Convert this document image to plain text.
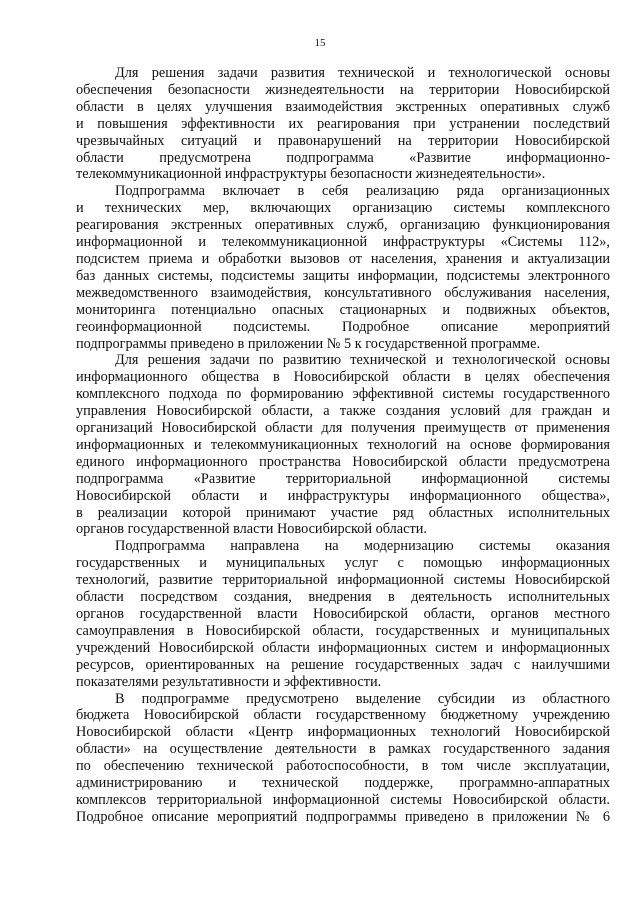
15
Для решения задачи развития технической и технологической основы
обеспечения безопасности жизнедеятельности на территории Новосибирской
области в целях улучшения взаимодействия экстренных оперативных служб
и повышения эффективности их реагирования при устранении последствий
чрезвычайных ситуаций и правонарушений на территории Новосибирской
области предусмотрена подпрограмма «Развитие информационно-
телекоммуникационной инфраструктуры безопасности жизнедеятельности».
Подпрограмма включает в себя реализацию ряда организационных
и технических мер, включающих организацию системы комплексного
реагирования экстренных оперативных служб, организацию функционирования
информационной и телекоммуникационной инфраструктуры «Системы 112»,
подсистем приема и обработки вызовов от населения, хранения и актуализации
баз данных системы, подсистемы защиты информации, подсистемы электронного
межведомственного взаимодействия, консультативного обслуживания населения,
мониторинга потенциально опасных стационарных и подвижных объектов,
геоинформационной подсистемы. Подробное описание мероприятий
подпрограммы приведено в приложении № 5 к государственной программе.
Для решения задачи по развитию технической и технологической основы
информационного общества в Новосибирской области в целях обеспечения
комплексного подхода по формированию эффективной системы государственного
управления Новосибирской области, а также создания условий для граждан и
организаций Новосибирской области для получения преимуществ от применения
информационных и телекоммуникационных технологий на основе формирования
единого информационного пространства Новосибирской области предусмотрена
подпрограмма «Развитие территориальной информационной системы
Новосибирской области и инфраструктуры информационного общества»,
в реализации которой принимают участие ряд областных исполнительных
органов государственной власти Новосибирской области.
Подпрограмма направлена на модернизацию системы оказания
государственных и муниципальных услуг с помощью информационных
технологий, развитие территориальной информационной системы Новосибирской
области посредством создания, внедрения в деятельность исполнительных
органов государственной власти Новосибирской области, органов местного
самоуправления в Новосибирской области, государственных и муниципальных
учреждений Новосибирской области информационных систем и информационных
ресурсов, ориентированных на решение государственных задач с наилучшими
показателями результативности и эффективности.
В подпрограмме предусмотрено выделение субсидии из областного
бюджета Новосибирской области государственному бюджетному учреждению
Новосибирской области «Центр информационных технологий Новосибирской
области» на осуществление деятельности в рамках государственного задания
по обеспечению технической работоспособности, в том числе эксплуатации,
администрированию и технической поддержке, программно-аппаратных
комплексов территориальной информационной системы Новосибирской области.
Подробное описание мероприятий подпрограммы приведено в приложении № 6
